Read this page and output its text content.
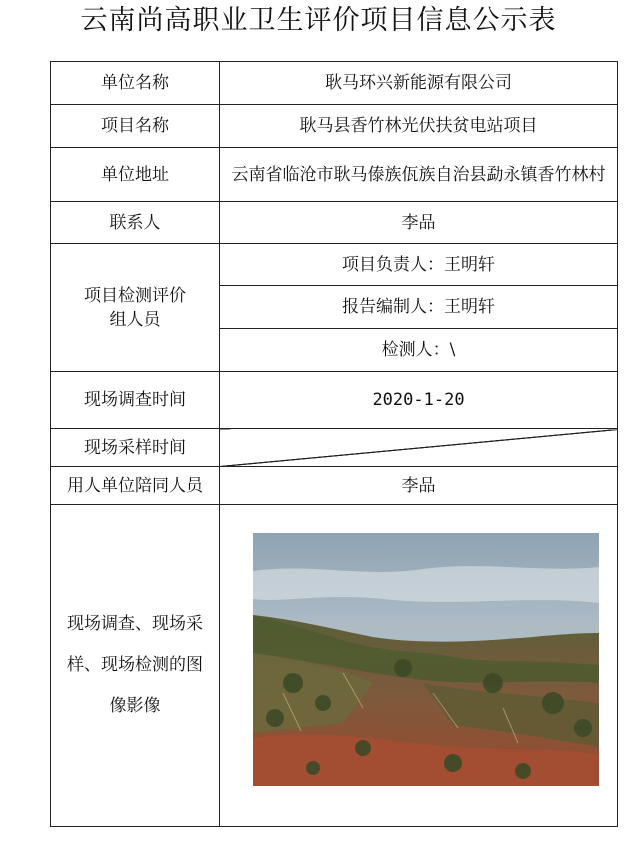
云南尚高职业卫生评价项目信息公示表
单位名称	耿马环兴新能源有限公司
项目名称	耿马县香竹林光伏扶贫电站项目
单位地址	云南省临沧市耿马傣族佤族自治县勐永镇香竹林村
联系人	李品

项目检测评价
组人员	项目负责人：王明轩
	报告编制人：王明轩
	检测人：\
现场调查时间	2020-1-20
现场采样时间	
用人单位陪同人员	李品

现场调查、现场采
样、现场检测的图
像影像
